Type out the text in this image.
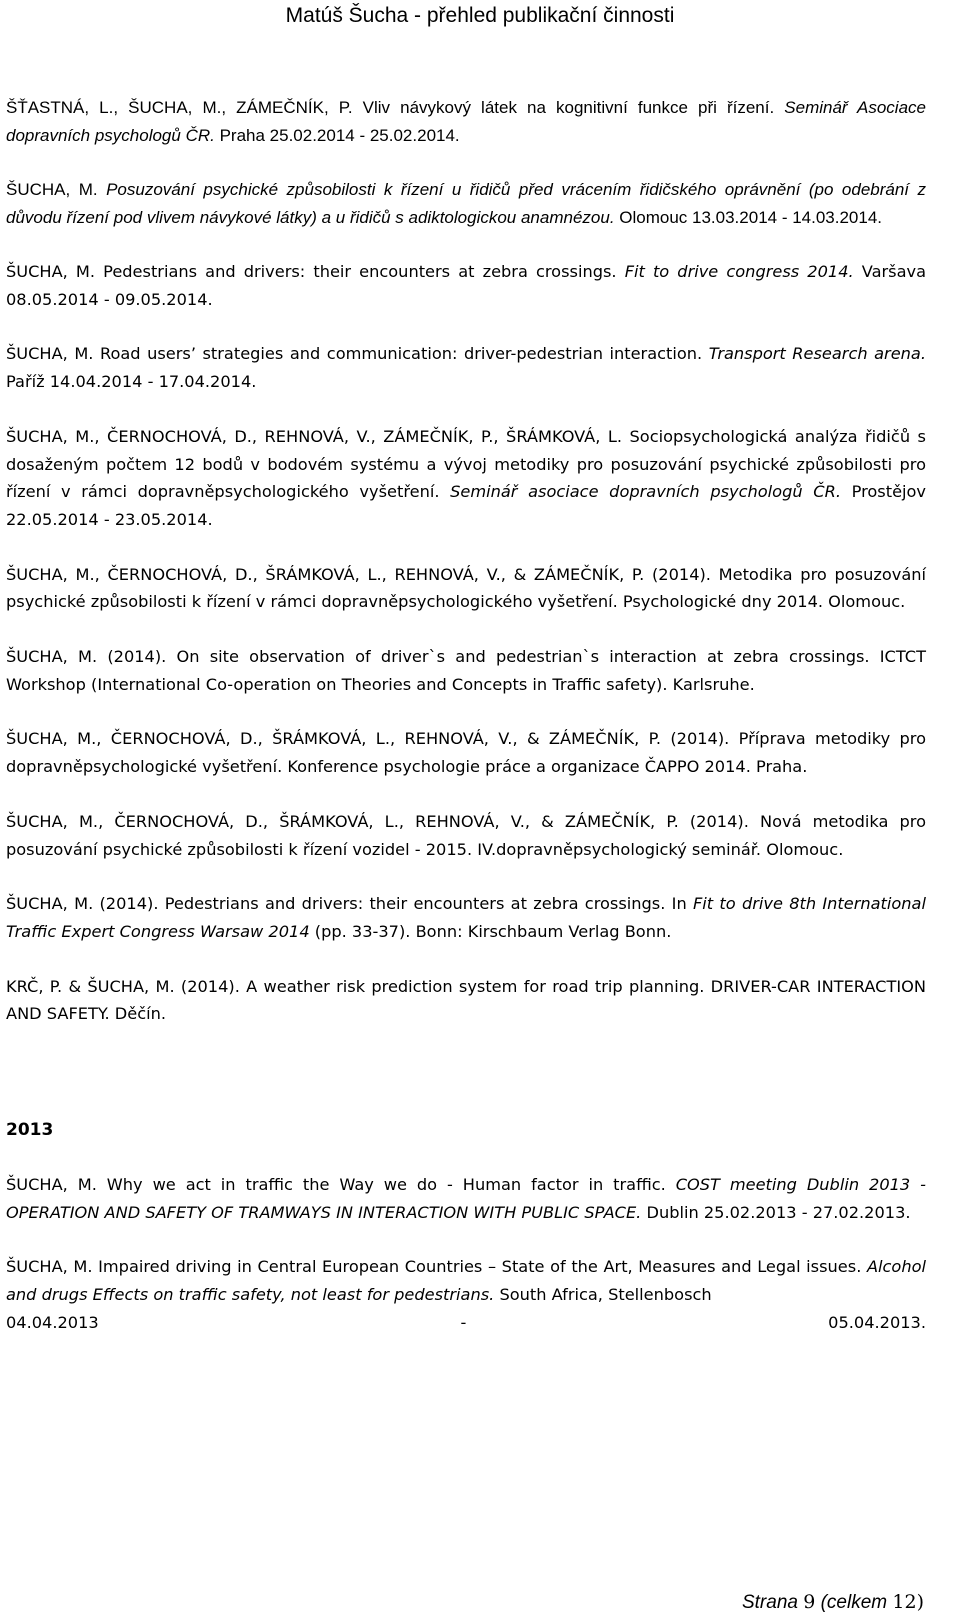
Matúš Šucha - přehled publikační činnosti

ŠŤASTNÁ, L., ŠUCHA, M., ZÁMEČNÍK, P. Vliv návykový látek na kognitivní funkce při řízení. Seminář Asociace dopravních psychologů ČR. Praha 25.02.2014 - 25.02.2014.

ŠUCHA, M. Posuzování psychické způsobilosti k řízení u řidičů před vrácením řidičského oprávnění (po odebrání z důvodu řízení pod vlivem návykové látky) a u řidičů s adiktologickou anamnézou. Olomouc 13.03.2014 - 14.03.2014.

ŠUCHA, M. Pedestrians and drivers: their encounters at zebra crossings. Fit to drive congress 2014. Varšava 08.05.2014 - 09.05.2014.

ŠUCHA, M. Road users’ strategies and communication: driver-pedestrian interaction. Transport Research arena. Paříž 14.04.2014 - 17.04.2014.

ŠUCHA, M., ČERNOCHOVÁ, D., REHNOVÁ, V., ZÁMEČNÍK, P., ŠRÁMKOVÁ, L. Sociopsychologická analýza řidičů s dosaženým počtem 12 bodů v bodovém systému a vývoj metodiky pro posuzování psychické způsobilosti pro řízení v rámci dopravněpsychologického vyšetření. Seminář asociace dopravních psychologů ČR. Prostějov 22.05.2014 - 23.05.2014.

ŠUCHA, M., ČERNOCHOVÁ, D., ŠRÁMKOVÁ, L., REHNOVÁ, V., & ZÁMEČNÍK, P. (2014). Metodika pro posuzování psychické způsobilosti k řízení v rámci dopravněpsychologického vyšetření. Psychologické dny 2014. Olomouc.

ŠUCHA, M. (2014). On site observation of driver`s and pedestrian`s interaction at zebra crossings. ICTCT Workshop (International Co-operation on Theories and Concepts in Traffic safety). Karlsruhe.

ŠUCHA, M., ČERNOCHOVÁ, D., ŠRÁMKOVÁ, L., REHNOVÁ, V., & ZÁMEČNÍK, P. (2014). Příprava metodiky pro dopravněpsychologické vyšetření. Konference psychologie práce a organizace ČAPPO 2014. Praha.

ŠUCHA, M., ČERNOCHOVÁ, D., ŠRÁMKOVÁ, L., REHNOVÁ, V., & ZÁMEČNÍK, P. (2014). Nová metodika pro posuzování psychické způsobilosti k řízení vozidel - 2015. IV.dopravněpsychologický seminář. Olomouc.

ŠUCHA, M. (2014). Pedestrians and drivers: their encounters at zebra crossings. In Fit to drive 8th International Traffic Expert Congress Warsaw 2014 (pp. 33-37). Bonn: Kirschbaum Verlag Bonn.

KRČ, P. & ŠUCHA, M. (2014). A weather risk prediction system for road trip planning. DRIVER-CAR INTERACTION AND SAFETY. Děčín.

2013

ŠUCHA, M. Why we act in traffic the Way we do - Human factor in traffic. COST meeting Dublin 2013 - OPERATION AND SAFETY OF TRAMWAYS IN INTERACTION WITH PUBLIC SPACE. Dublin 25.02.2013 - 27.02.2013.

ŠUCHA, M. Impaired driving in Central European Countries – State of the Art, Measures and Legal issues. Alcohol and drugs Effects on traffic safety, not least for pedestrians. South Africa, Stellenbosch
04.04.2013	-	05.04.2013.
Strana 9 (celkem 12)
